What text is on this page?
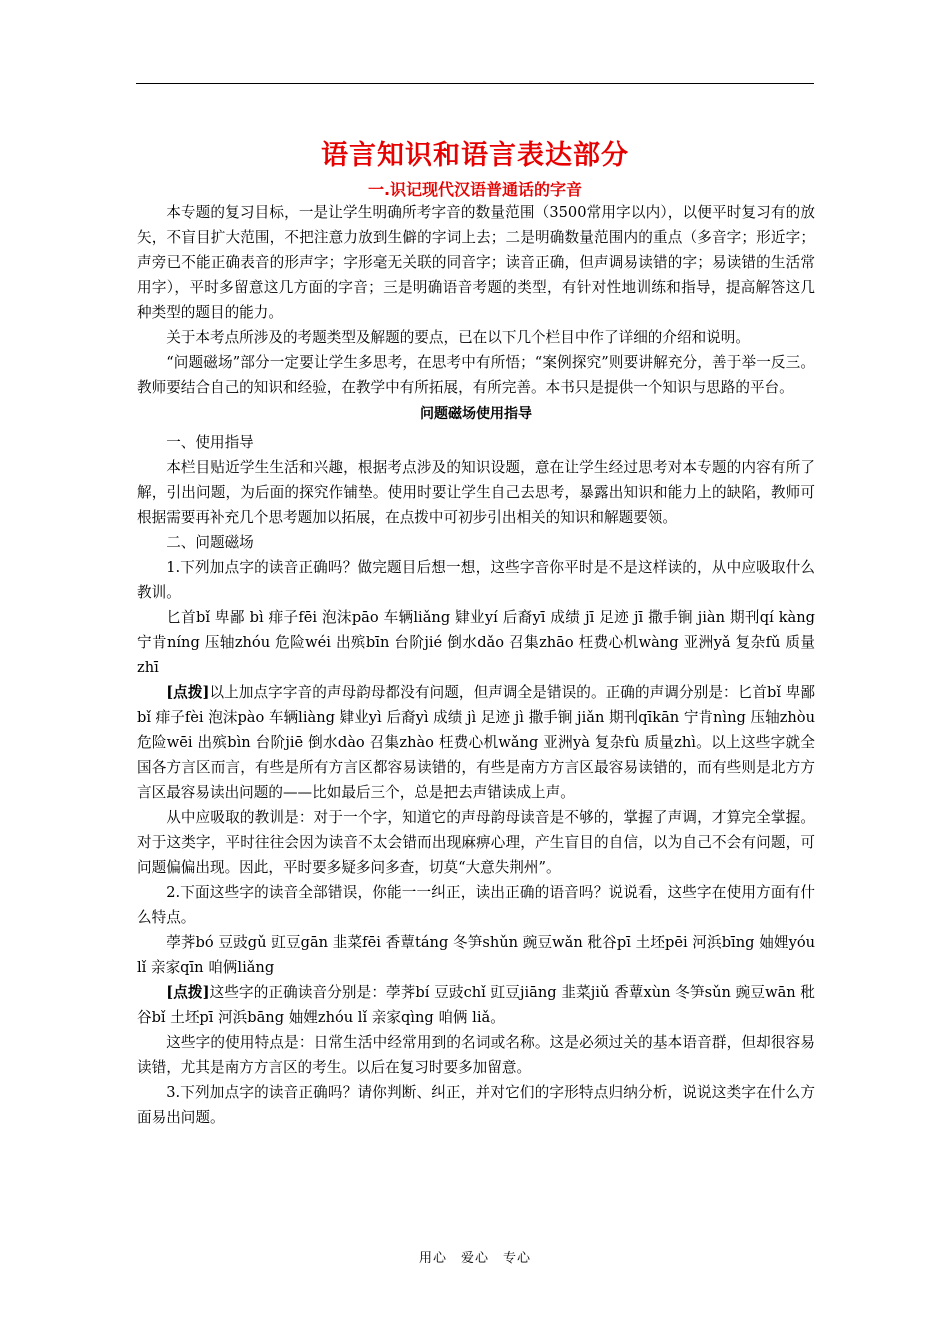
语言知识和语言表达部分
一.识记现代汉语普通话的字音

本专题的复习目标，一是让学生明确所考字音的数量范围（3500常用字以内），以便平时复习有的放矢，不盲目扩大范围，不把注意力放到生僻的字词上去；二是明确数量范围内的重点（多音字；形近字；声旁已不能正确表音的形声字；字形毫无关联的同音字；读音正确，但声调易读错的字；易读错的生活常用字），平时多留意这几方面的字音；三是明确语音考题的类型，有针对性地训练和指导，提高解答这几种类型的题目的能力。

关于本考点所涉及的考题类型及解题的要点，已在以下几个栏目中作了详细的介绍和说明。

“问题磁场”部分一定要让学生多思考，在思考中有所悟；“案例探究”则要讲解充分，善于举一反三。教师要结合自己的知识和经验，在教学中有所拓展，有所完善。本书只是提供一个知识与思路的平台。

问题磁场使用指导

一、使用指导

本栏目贴近学生生活和兴趣，根据考点涉及的知识设题，意在让学生经过思考对本专题的内容有所了解，引出问题，为后面的探究作铺垫。使用时要让学生自己去思考，暴露出知识和能力上的缺陷，教师可根据需要再补充几个思考题加以拓展，在点拨中可初步引出相关的知识和解题要领。

二、问题磁场

1.下列加点字的读音正确吗？做完题目后想一想，这些字音你平时是不是这样读的，从中应吸取什么教训。

匕首bǐ 卑鄙 bì 痱子fēi 泡沫pāo 车辆liǎng 肄业yí 后裔yī 成绩 jī 足迹 jī 撒手锏 jiàn 期刊qí kàng 宁肯níng 压轴zhóu 危险wéi 出殡bīn 台阶jié 倒水dǎo 召集zhāo 枉费心机wàng 亚洲yǎ 复杂fǔ 质量zhī

[点拨]以上加点字字音的声母韵母都没有问题，但声调全是错误的。正确的声调分别是：匕首bǐ 卑鄙 bǐ 痱子fèi 泡沫pào 车辆liàng 肄业yì 后裔yì 成绩 jì 足迹 jì 撒手锏 jiǎn 期刊qīkān 宁肯nìng 压轴zhòu 危险wēi 出殡bìn 台阶jiē 倒水dào 召集zhào 枉费心机wǎng 亚洲yà 复杂fù 质量zhì。以上这些字就全国各方言区而言，有些是所有方言区都容易读错的，有些是南方方言区最容易读错的，而有些则是北方方言区最容易读出问题的——比如最后三个，总是把去声错读成上声。

从中应吸取的教训是：对于一个字，知道它的声母韵母读音是不够的，掌握了声调，才算完全掌握。对于这类字，平时往往会因为读音不太会错而出现麻痹心理，产生盲目的自信，以为自己不会有问题，可问题偏偏出现。因此，平时要多疑多问多查，切莫“大意失荆州”。

2.下面这些字的读音全部错误，你能一一纠正，读出正确的语音吗？说说看，这些字在使用方面有什么特点。

荸荠bó 豆豉gǔ 豇豆gān 韭菜fēi 香蕈táng 冬笋shǔn 豌豆wǎn 秕谷pī 土坯pēi 河浜bīng 妯娌yóu lǐ 亲家qīn 咱俩liǎng

[点拨]这些字的正确读音分别是：荸荠bí 豆豉chǐ 豇豆jiāng 韭菜jiǔ 香蕈xùn 冬笋sǔn 豌豆wān 秕谷bǐ 土坯pī 河浜bāng 妯娌zhóu lǐ 亲家qìng 咱俩 liǎ。

这些字的使用特点是：日常生活中经常用到的名词或名称。这是必须过关的基本语音群，但却很容易读错，尤其是南方方言区的考生。以后在复习时要多加留意。

3.下列加点字的读音正确吗？请你判断、纠正，并对它们的字形特点归纳分析，说说这类字在什么方面易出问题。

用心　爱心　专心
